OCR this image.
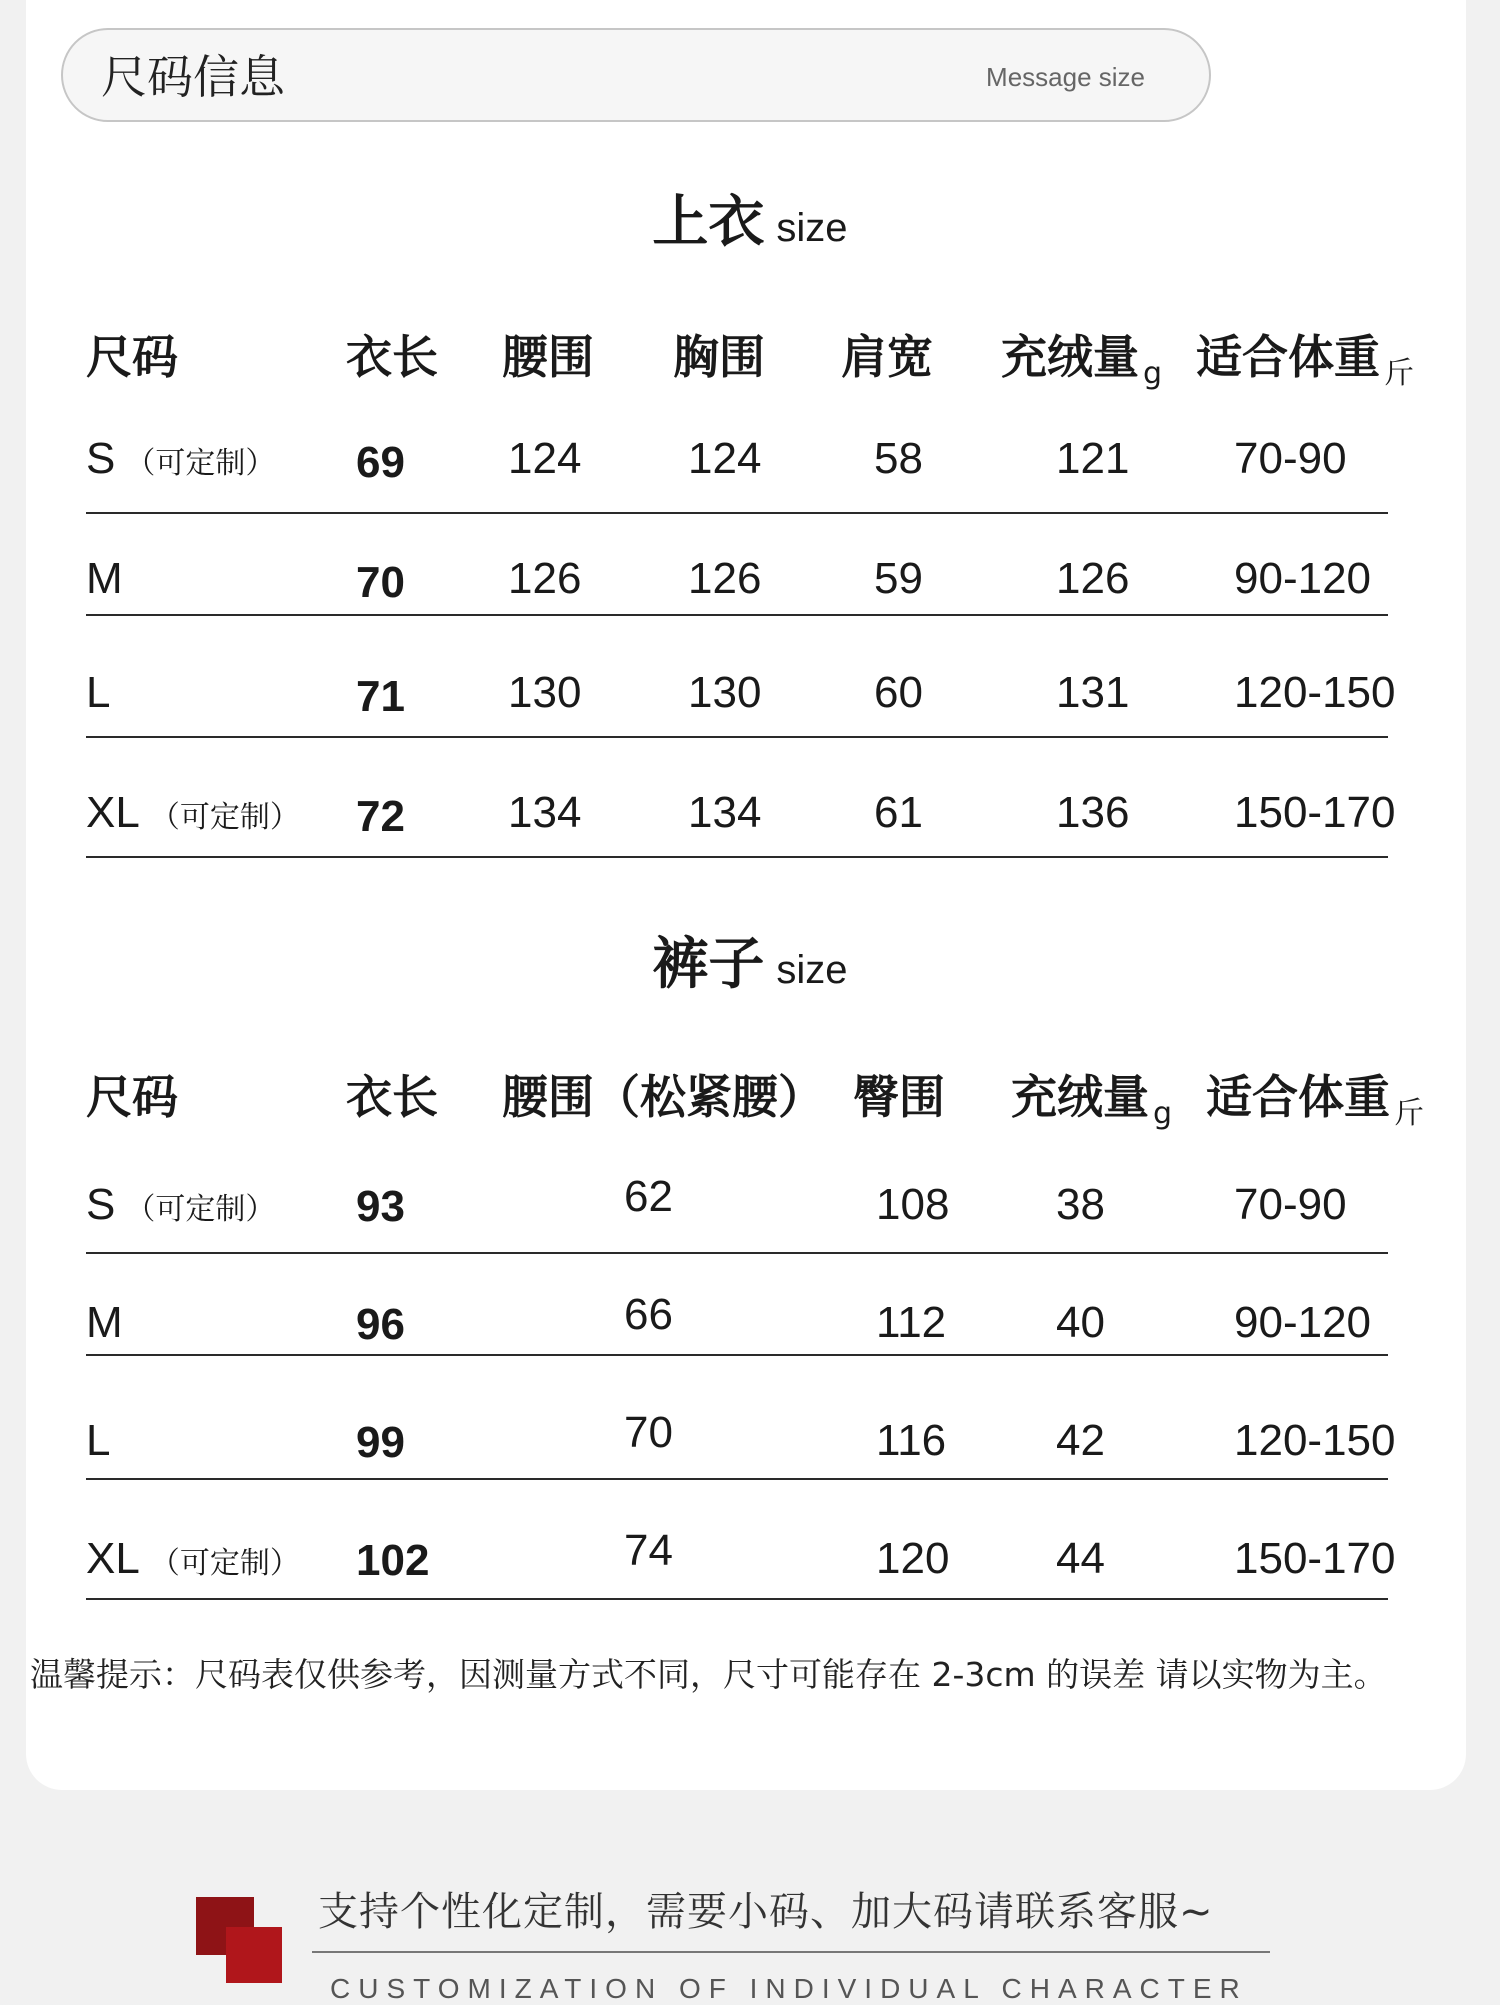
尺码信息	Message size
上衣 size
尺码	衣长 腰围 胸围 肩宽 充绒量 $_g$ 适合体重 $_斤$
S （可定制） 69 124 124	58	121 70-90
M	70 126 126	59	126 90-120
L	71 130 130	60	131 120-150
XL （可定制） 72 134 134	61	136 150-170
裤子 size
尺码	衣长 腰围（松紧腰） 臀围 充绒量 $_g$ 适合体重 $_斤$
S （可定制） 93	62	108 38	70-90
M	96	66	112 40	90-120
L	99	70	116 42	120-150
XL （可定制） 102	74	120 44	150-170
温馨提示：尺码表仅供参考，因测量方式不同，尺寸可能存在 2-3cm 的误差 请以实物为主。
支持个性化定制，需要小码、加大码请联系客服~
CUSTOMIZATION OF INDIVIDUAL CHARACTER
